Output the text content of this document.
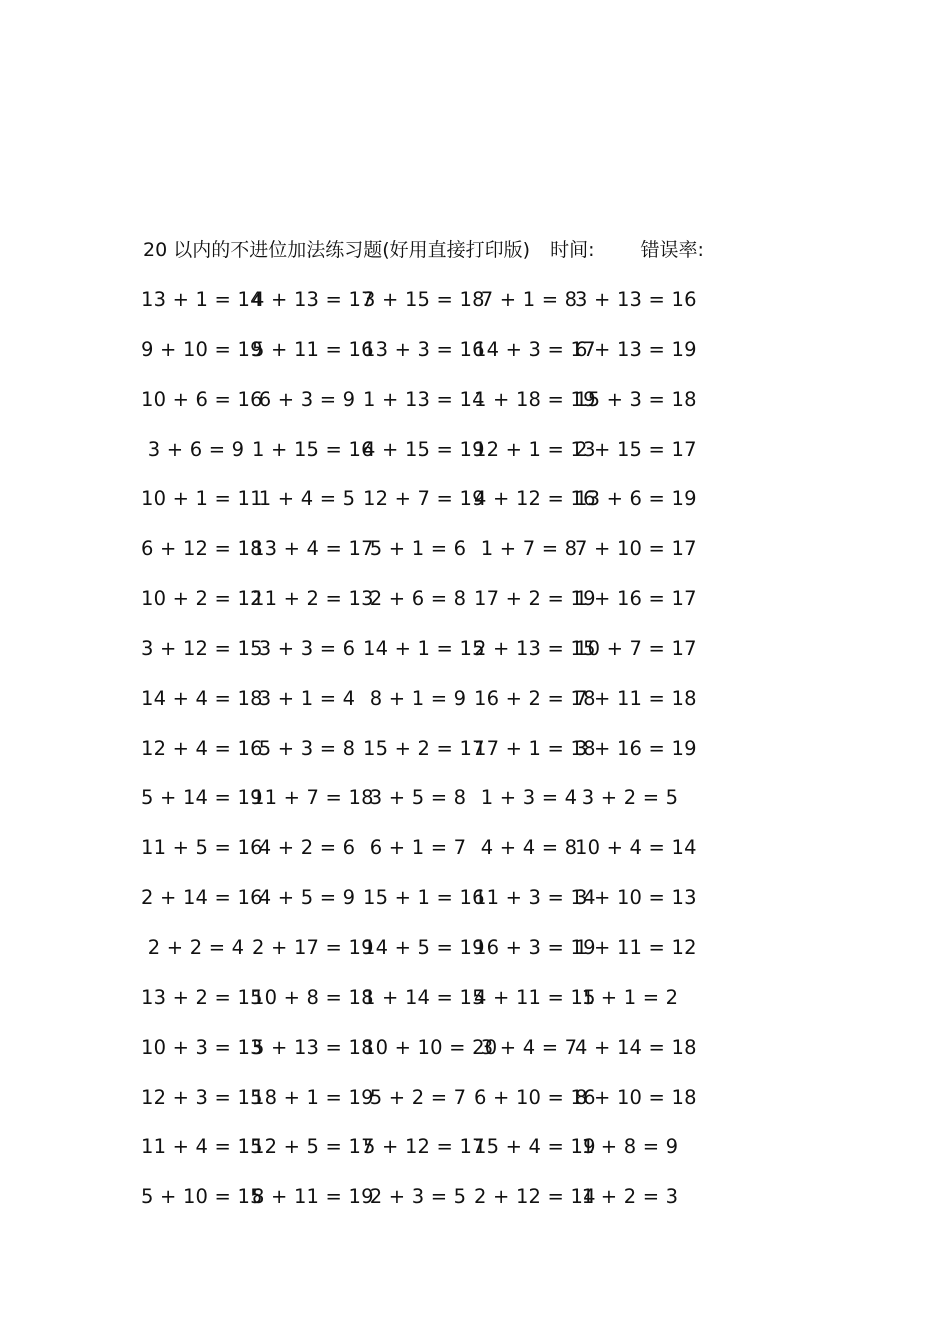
20 以内的不进位加法练习题(好用直接打印版) 时间: 错误率:
13 + 1 = 14
4 + 13 = 17
3 + 15 = 18
7 + 1 = 8
3 + 13 = 16
9 + 10 = 19
5 + 11 = 16
13 + 3 = 16
14 + 3 = 17
6 + 13 = 19
10 + 6 = 16
6 + 3 = 9 1 + 13 = 14
1 + 18 = 19
15 + 3 = 18
3 + 6 = 9 1 + 15 = 16
4 + 15 = 19
12 + 1 = 13
2 + 15 = 17
10 + 1 = 11
1 + 4 = 5 12 + 7 = 19
4 + 12 = 16
13 + 6 = 19
6 + 12 = 18
13 + 4 = 17
5 + 1 = 6 1 + 7 = 8
7 + 10 = 17
10 + 2 = 12
11 + 2 = 13
2 + 6 = 8 17 + 2 = 19
1 + 16 = 17
3 + 12 = 15
3 + 3 = 6 14 + 1 = 15
2 + 13 = 15
10 + 7 = 17
14 + 4 = 18
3 + 1 = 4 8 + 1 = 9 16 + 2 = 18
7 + 11 = 18
12 + 4 = 16
5 + 3 = 8 15 + 2 = 17
17 + 1 = 18
3 + 16 = 19
5 + 14 = 19
11 + 7 = 18
3 + 5 = 8 1 + 3 = 4 3 + 2 = 5
11 + 5 = 16
4 + 2 = 6 6 + 1 = 7 4 + 4 = 8
10 + 4 = 14
2 + 14 = 16
4 + 5 = 9 15 + 1 = 16
11 + 3 = 14
3 + 10 = 13
2 + 2 = 4 2 + 17 = 19
14 + 5 = 19
16 + 3 = 19
1 + 11 = 12
13 + 2 = 15
10 + 8 = 18
1 + 14 = 15
4 + 11 = 15
1 + 1 = 2
10 + 3 = 13
5 + 13 = 18
10 + 10 = 20
3 + 4 = 7
4 + 14 = 18
12 + 3 = 15
18 + 1 = 19
5 + 2 = 7 6 + 10 = 16
8 + 10 = 18
11 + 4 = 15
12 + 5 = 17
5 + 12 = 17
15 + 4 = 19
1 + 8 = 9
5 + 10 = 15
8 + 11 = 19
2 + 3 = 5 2 + 12 = 14
1 + 2 = 3
